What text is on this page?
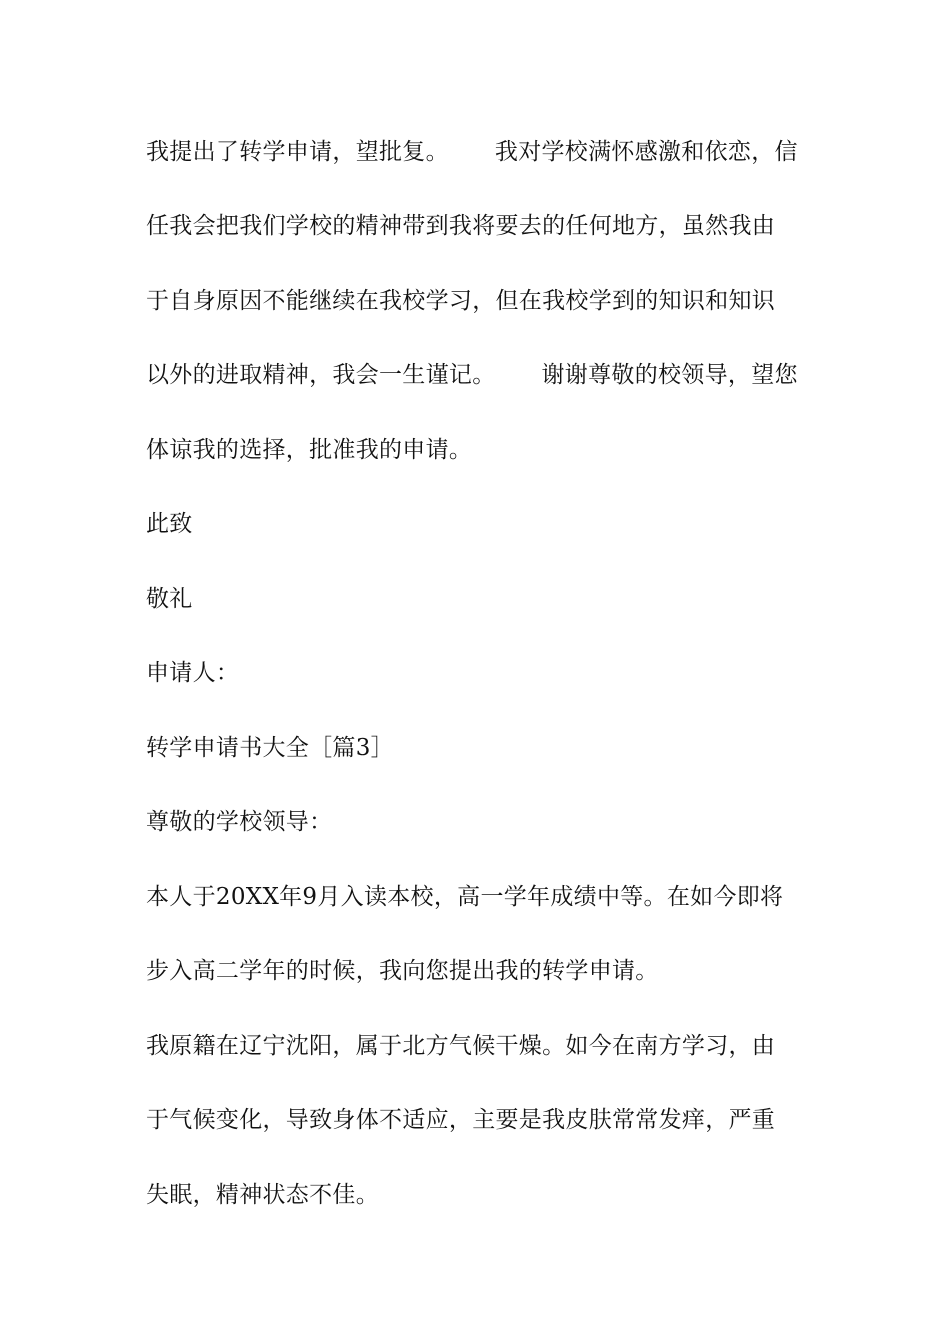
我提出了转学申请，望批复。 我对学校满怀感激和依恋，信
任我会把我们学校的精神带到我将要去的任何地方，虽然我由
于自身原因不能继续在我校学习，但在我校学到的知识和知识
以外的进取精神，我会一生谨记。 谢谢尊敬的校领导，望您
体谅我的选择，批准我的申请。
此致
敬礼
申请人：
转学申请书大全［篇3］
尊敬的学校领导：
本人于20XX年9月入读本校，高一学年成绩中等。在如今即将
步入高二学年的时候，我向您提出我的转学申请。
我原籍在辽宁沈阳，属于北方气候干燥。如今在南方学习，由
于气候变化，导致身体不适应，主要是我皮肤常常发痒，严重
失眠，精神状态不佳。
